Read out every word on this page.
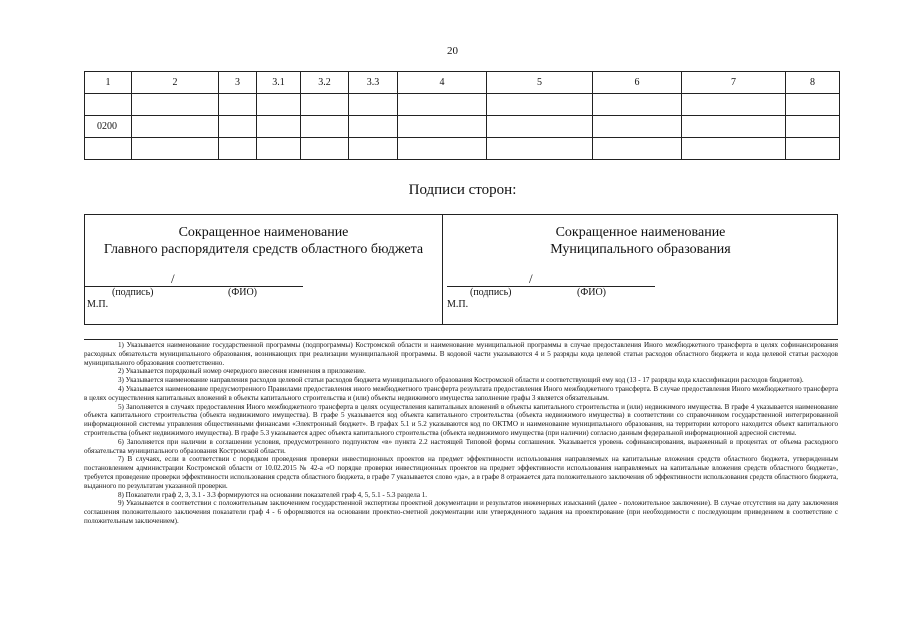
20
1	2	3	3.1	3.2	3.3	4	5	6	7	8

0200										

Подписи сторон:
Сокращенное наименование
Главного распорядителя средств областного бюджета
/
(подпись)	(ФИО)
М.П.
Сокращенное наименование
Муниципального образования
/
(подпись)	(ФИО)
М.П.

1) Указывается наименование государственной программы (подпрограммы) Костромской области и наименование муниципальной программы в случае предоставления Иного межбюджетного трансферта в целях софинансирования расходных обязательств муниципального образования, возникающих при реализации муниципальной программы. В кодовой части указываются 4 и 5 разряды кода целевой статьи расходов областного бюджета и кода целевой статьи расходов муниципального образования соответственно.

2) Указывается порядковый номер очередного внесения изменения в приложение.

3) Указывается наименование направления расходов целевой статьи расходов бюджета муниципального образования Костромской области и соответствующий ему код (13 - 17 разряды кода классификации расходов бюджетов).

4) Указывается наименование предусмотренного Правилами предоставления иного межбюджетного трансферта результата предоставления Иного межбюджетного трансферта. В случае предоставления Иного межбюджетного трансферта в целях осуществления капитальных вложений в объекты капитального строительства и (или) объекты недвижимого имущества заполнение графы 3 является обязательным.

5) Заполняется в случаях предоставления Иного межбюджетного трансферта в целях осуществления капитальных вложений в объекты капитального строительства и (или) недвижимого имущества. В графе 4 указывается наименование объекта капитального строительства (объекта недвижимого имущества). В графе 5 указывается код объекта капитального строительства (объекта недвижимого имущества) в соответствии со справочником государственной интегрированной информационной системы управления общественными финансами «Электронный бюджет». В графах 5.1 и 5.2 указываются код по ОКТМО и наименование муниципального образования, на территории которого находится объект капитального строительства (объект недвижимого имущества). В графе 5.3 указывается адрес объекта капитального строительства (объекта недвижимого имущества (при наличии) согласно данным федеральной информационной адресной системы.

6) Заполняется при наличии в соглашении условия, предусмотренного подпунктом «в» пункта 2.2 настоящей Типовой формы соглашения. Указывается уровень софинансирования, выраженный в процентах от объема расходного обязательства муниципального образования Костромской области.

7) В случаях, если в соответствии с порядком проведения проверки инвестиционных проектов на предмет эффективности использования направляемых на капитальные вложения средств областного бюджета, утвержденным постановлением администрации Костромской области от 10.02.2015 № 42-а «О порядке проверки инвестиционных проектов на предмет эффективности использования направляемых на капитальные вложения средств областного бюджета», требуется проведение проверки эффективности использования средств областного бюджета, в графе 7 указывается слово «да», а в графе 8 отражается дата положительного заключения об эффективности использования средств областного бюджета, выданного по результатам указанной проверки.

8) Показатели граф 2, 3, 3.1 - 3.3 формируются на основании показателей граф 4, 5, 5.1 - 5.3 раздела 1.

9) Указывается в соответствии с положительным заключением государственной экспертизы проектной документации и результатов инженерных изысканий (далее - положительное заключение). В случае отсутствия на дату заключения соглашения положительного заключения показатели граф 4 - 6 оформляются на основании проектно-сметной документации или утвержденного задания на проектирование (при необходимости с последующим приведением в соответствие с положительным заключением).
